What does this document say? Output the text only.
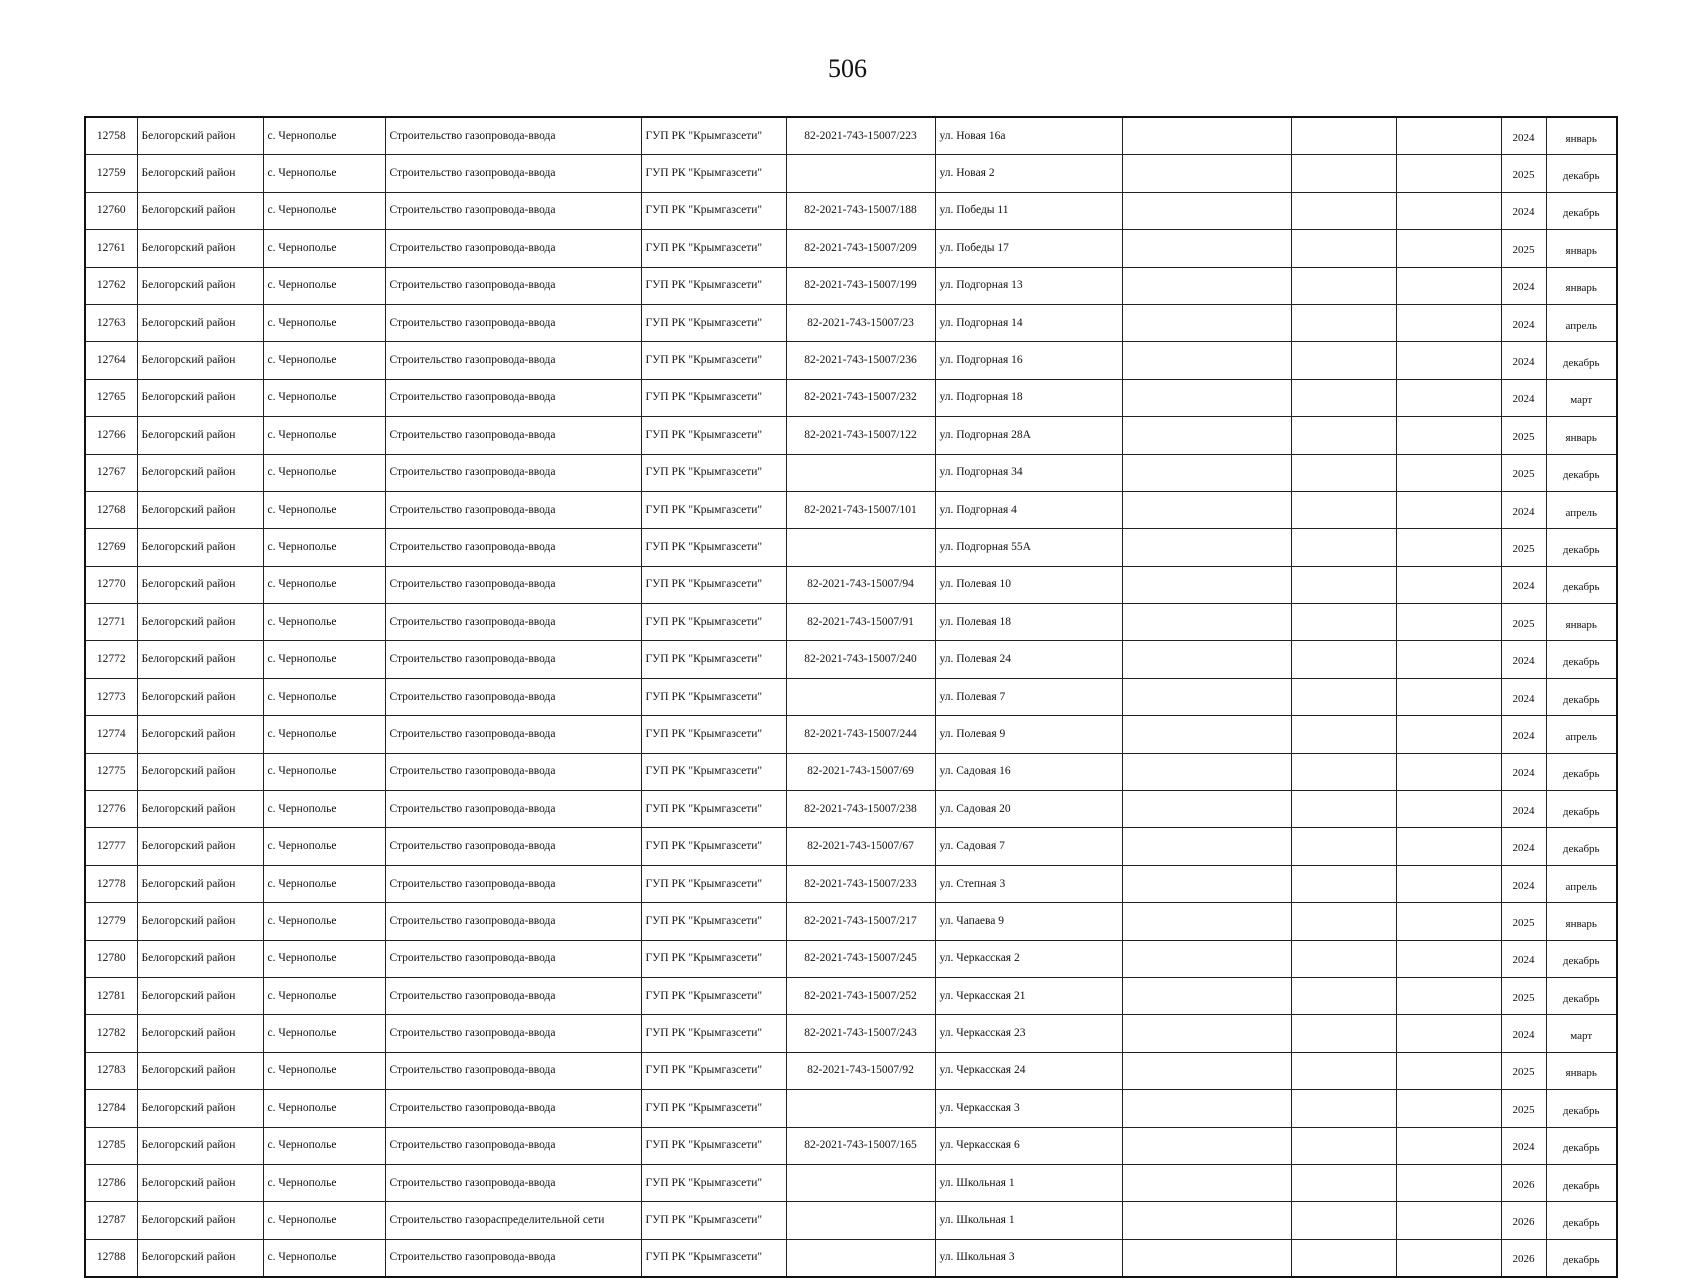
506
12758	Белогорский район	с. Чернополье	Строительство газопровода-ввода	ГУП РК "Крымгазсети"	82-2021-743-15007/223	ул. Новая 16а				2024	январь
12759	Белогорский район	с. Чернополье	Строительство газопровода-ввода	ГУП РК "Крымгазсети"		ул. Новая 2				2025	декабрь
12760	Белогорский район	с. Чернополье	Строительство газопровода-ввода	ГУП РК "Крымгазсети"	82-2021-743-15007/188	ул. Победы 11				2024	декабрь
12761	Белогорский район	с. Чернополье	Строительство газопровода-ввода	ГУП РК "Крымгазсети"	82-2021-743-15007/209	ул. Победы 17				2025	январь
12762	Белогорский район	с. Чернополье	Строительство газопровода-ввода	ГУП РК "Крымгазсети"	82-2021-743-15007/199	ул. Подгорная 13				2024	январь
12763	Белогорский район	с. Чернополье	Строительство газопровода-ввода	ГУП РК "Крымгазсети"	82-2021-743-15007/23	ул. Подгорная 14				2024	апрель
12764	Белогорский район	с. Чернополье	Строительство газопровода-ввода	ГУП РК "Крымгазсети"	82-2021-743-15007/236	ул. Подгорная 16				2024	декабрь
12765	Белогорский район	с. Чернополье	Строительство газопровода-ввода	ГУП РК "Крымгазсети"	82-2021-743-15007/232	ул. Подгорная 18				2024	март
12766	Белогорский район	с. Чернополье	Строительство газопровода-ввода	ГУП РК "Крымгазсети"	82-2021-743-15007/122	ул. Подгорная 28А				2025	январь
12767	Белогорский район	с. Чернополье	Строительство газопровода-ввода	ГУП РК "Крымгазсети"		ул. Подгорная 34				2025	декабрь
12768	Белогорский район	с. Чернополье	Строительство газопровода-ввода	ГУП РК "Крымгазсети"	82-2021-743-15007/101	ул. Подгорная 4				2024	апрель
12769	Белогорский район	с. Чернополье	Строительство газопровода-ввода	ГУП РК "Крымгазсети"		ул. Подгорная 55А				2025	декабрь
12770	Белогорский район	с. Чернополье	Строительство газопровода-ввода	ГУП РК "Крымгазсети"	82-2021-743-15007/94	ул. Полевая 10				2024	декабрь
12771	Белогорский район	с. Чернополье	Строительство газопровода-ввода	ГУП РК "Крымгазсети"	82-2021-743-15007/91	ул. Полевая 18				2025	январь
12772	Белогорский район	с. Чернополье	Строительство газопровода-ввода	ГУП РК "Крымгазсети"	82-2021-743-15007/240	ул. Полевая 24				2024	декабрь
12773	Белогорский район	с. Чернополье	Строительство газопровода-ввода	ГУП РК "Крымгазсети"		ул. Полевая 7				2024	декабрь
12774	Белогорский район	с. Чернополье	Строительство газопровода-ввода	ГУП РК "Крымгазсети"	82-2021-743-15007/244	ул. Полевая 9				2024	апрель
12775	Белогорский район	с. Чернополье	Строительство газопровода-ввода	ГУП РК "Крымгазсети"	82-2021-743-15007/69	ул. Садовая 16				2024	декабрь
12776	Белогорский район	с. Чернополье	Строительство газопровода-ввода	ГУП РК "Крымгазсети"	82-2021-743-15007/238	ул. Садовая 20				2024	декабрь
12777	Белогорский район	с. Чернополье	Строительство газопровода-ввода	ГУП РК "Крымгазсети"	82-2021-743-15007/67	ул. Садовая 7				2024	декабрь
12778	Белогорский район	с. Чернополье	Строительство газопровода-ввода	ГУП РК "Крымгазсети"	82-2021-743-15007/233	ул. Степная 3				2024	апрель
12779	Белогорский район	с. Чернополье	Строительство газопровода-ввода	ГУП РК "Крымгазсети"	82-2021-743-15007/217	ул. Чапаева 9				2025	январь
12780	Белогорский район	с. Чернополье	Строительство газопровода-ввода	ГУП РК "Крымгазсети"	82-2021-743-15007/245	ул. Черкасская 2				2024	декабрь
12781	Белогорский район	с. Чернополье	Строительство газопровода-ввода	ГУП РК "Крымгазсети"	82-2021-743-15007/252	ул. Черкасская 21				2025	декабрь
12782	Белогорский район	с. Чернополье	Строительство газопровода-ввода	ГУП РК "Крымгазсети"	82-2021-743-15007/243	ул. Черкасская 23				2024	март
12783	Белогорский район	с. Чернополье	Строительство газопровода-ввода	ГУП РК "Крымгазсети"	82-2021-743-15007/92	ул. Черкасская 24				2025	январь
12784	Белогорский район	с. Чернополье	Строительство газопровода-ввода	ГУП РК "Крымгазсети"		ул. Черкасская 3				2025	декабрь
12785	Белогорский район	с. Чернополье	Строительство газопровода-ввода	ГУП РК "Крымгазсети"	82-2021-743-15007/165	ул. Черкасская 6				2024	декабрь
12786	Белогорский район	с. Чернополье	Строительство газопровода-ввода	ГУП РК "Крымгазсети"		ул. Школьная 1				2026	декабрь
12787	Белогорский район	с. Чернополье	Строительство газораспределительной сети	ГУП РК "Крымгазсети"		ул. Школьная 1				2026	декабрь
12788	Белогорский район	с. Чернополье	Строительство газопровода-ввода	ГУП РК "Крымгазсети"		ул. Школьная 3				2026	декабрь
